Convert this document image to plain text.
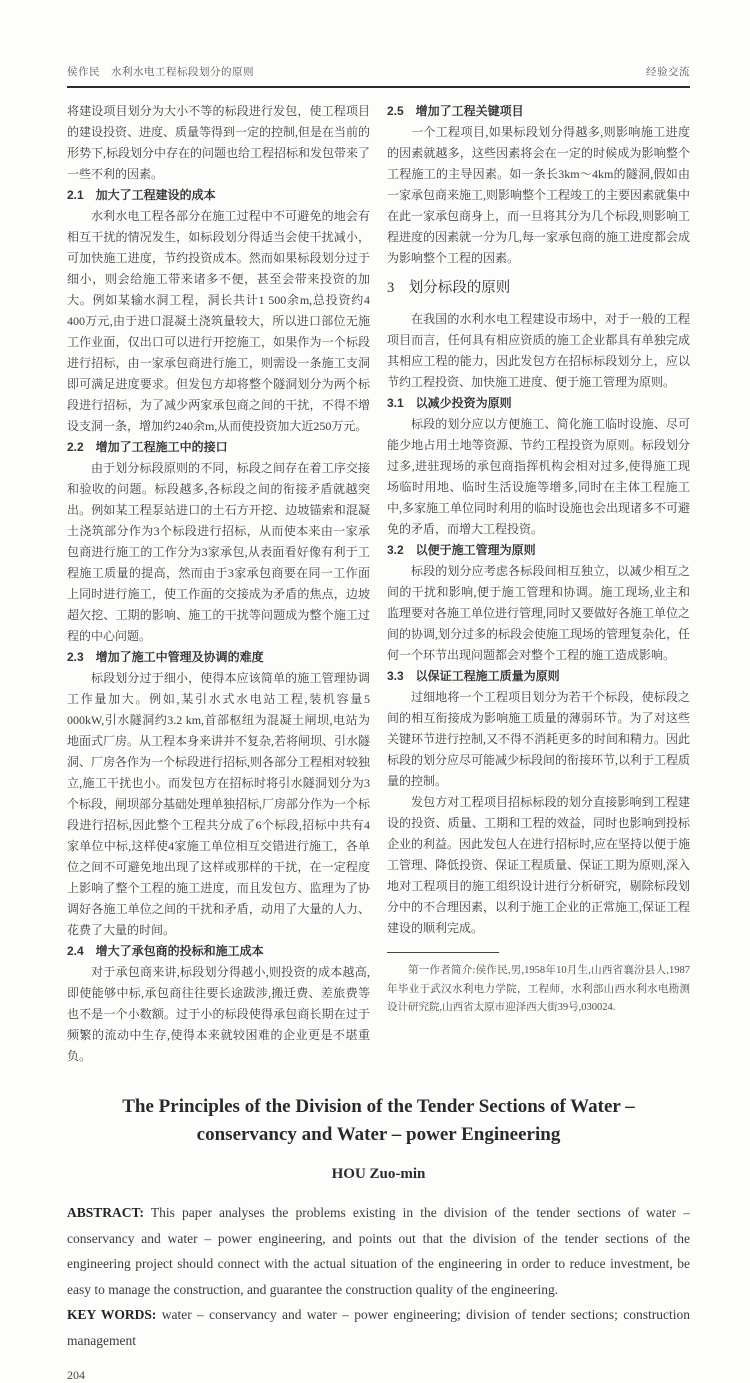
侯作民　水利水电工程标段划分的原则	经验交流

将建设项目划分为大小不等的标段进行发包，使工程项目的建设投资、进度、质量等得到一定的控制,但是在当前的形势下,标段划分中存在的问题也给工程招标和发包带来了一些不利的因素。

2.1　加大了工程建设的成本

水利水电工程各部分在施工过程中不可避免的地会有相互干扰的情况发生，如标段划分得适当会使干扰减小，可加快施工进度，节约投资成本。然而如果标段划分过于细小，则会给施工带来诸多不便，甚至会带来投资的加大。例如某输水洞工程，洞长共计1 500余m,总投资约4 400万元,由于进口混凝土浇筑量较大，所以进口部位无施工作业面，仅出口可以进行开挖施工，如果作为一个标段进行招标，由一家承包商进行施工，则需设一条施工支洞即可满足进度要求。但发包方却将整个隧洞划分为两个标段进行招标，为了减少两家承包商之间的干扰，不得不增设支洞一条，增加约240余m,从而使投资加大近250万元。

2.2　增加了工程施工中的接口

由于划分标段原则的不同，标段之间存在着工序交接和验收的问题。标段越多,各标段之间的衔接矛盾就越突出。例如某工程泵站进口的土石方开挖、边坡锚索和混凝土浇筑部分作为3个标段进行招标，从而使本来由一家承包商进行施工的工作分为3家承包,从表面看好像有利于工程施工质量的提高，然而由于3家承包商要在同一工作面上同时进行施工，使工作面的交接成为矛盾的焦点，边坡超欠挖、工期的影响、施工的干扰等问题成为整个施工过程的中心问题。

2.3　增加了施工中管理及协调的难度

标段划分过于细小，使得本应该简单的施工管理协调工作量加大。例如,某引水式水电站工程,装机容量5 000kW,引水隧洞约3.2 km,首部枢纽为混凝土闸坝,电站为地面式厂房。从工程本身来讲并不复杂,若将闸坝、引水隧洞、厂房各作为一个标段进行招标,则各部分工程相对较独立,施工干扰也小。而发包方在招标时将引水隧洞划分为3个标段，闸坝部分基础处理单独招标,厂房部分作为一个标段进行招标,因此整个工程共分成了6个标段,招标中共有4家单位中标,这样使4家施工单位相互交错进行施工，各单位之间不可避免地出现了这样或那样的干扰，在一定程度上影响了整个工程的施工进度，而且发包方、监理为了协调好各施工单位之间的干扰和矛盾，动用了大量的人力、花费了大量的时间。

2.4　增大了承包商的投标和施工成本

对于承包商来讲,标段划分得越小,则投资的成本越高,即使能够中标,承包商往往要长途跋涉,搬迁费、差旅费等也不是一个小数额。过于小的标段使得承包商长期在过于频繁的流动中生存,使得本来就较困难的企业更是不堪重负。

2.5　增加了工程关键项目

一个工程项目,如果标段划分得越多,则影响施工进度的因素就越多，这些因素将会在一定的时候成为影响整个工程施工的主导因素。如一条长3km～4km的隧洞,假如由一家承包商来施工,则影响整个工程竣工的主要因素就集中在此一家承包商身上，而一旦将其分为几个标段,则影响工程进度的因素就一分为几,每一家承包商的施工进度都会成为影响整个工程的因素。

3　划分标段的原则

在我国的水利水电工程建设市场中，对于一般的工程项目而言，任何具有相应资质的施工企业都具有单独完成其相应工程的能力，因此发包方在招标标段划分上，应以节约工程投资、加快施工进度、便于施工管理为原则。

3.1　以减少投资为原则

标段的划分应以方便施工、简化施工临时设施、尽可能少地占用土地等资源、节约工程投资为原则。标段划分过多,进驻现场的承包商指挥机构会相对过多,使得施工现场临时用地、临时生活设施等增多,同时在主体工程施工中,多家施工单位同时利用的临时设施也会出现诸多不可避免的矛盾，而增大工程投资。

3.2　以便于施工管理为原则

标段的划分应考虑各标段间相互独立，以减少相互之间的干扰和影响,便于施工管理和协调。施工现场,业主和监理要对各施工单位进行管理,同时又要做好各施工单位之间的协调,划分过多的标段会使施工现场的管理复杂化，任何一个环节出现问题都会对整个工程的施工造成影响。

3.3　以保证工程施工质量为原则

过细地将一个工程项目划分为若干个标段，使标段之间的相互衔接成为影响施工质量的薄弱环节。为了对这些关键环节进行控制,又不得不消耗更多的时间和精力。因此标段的划分应尽可能减少标段间的衔接环节,以利于工程质量的控制。

发包方对工程项目招标标段的划分直接影响到工程建设的投资、质量、工期和工程的效益，同时也影响到投标企业的利益。因此发包人在进行招标时,应在坚持以便于施工管理、降低投资、保证工程质量、保证工期为原则,深入地对工程项目的施工组织设计进行分析研究，剔除标段划分中的不合理因素，以利于施工企业的正常施工,保证工程建设的顺利完成。

第一作者简介:侯作民,男,1958年10月生,山西省襄汾县人,1987年毕业于武汉水利电力学院，工程师，水利部山西水利水电勘测设计研究院,山西省太原市迎泽西大街39号,030024.

The Principles of the Division of the Tender Sections of Water – conservancy and Water – power Engineering
HOU Zuo-min

ABSTRACT: This paper analyses the problems existing in the division of the tender sections of water – conservancy and water – power engineering, and points out that the division of the tender sections of the engineering project should connect with the actual situation of the engineering in order to reduce investment, be easy to manage the construction, and guarantee the construction quality of the engineering.

KEY WORDS: water – conservancy and water – power engineering; division of tender sections; construction management

204
